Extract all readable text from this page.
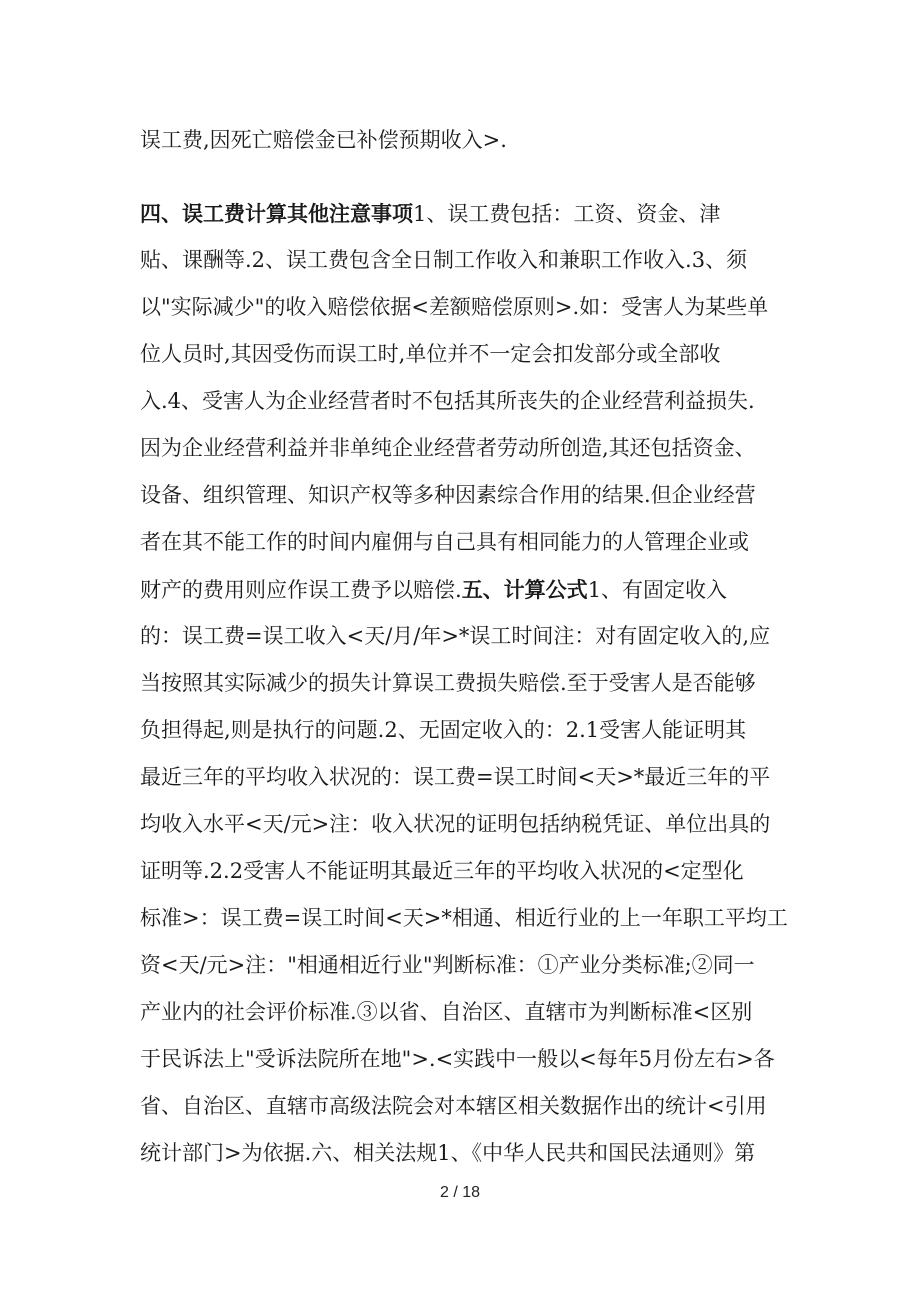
误工费,因死亡赔偿金已补偿预期收入>.
四、误工费计算其他注意事项1、误工费包括：工资、资金、津
贴、课酬等.2、误工费包含全日制工作收入和兼职工作收入.3、须
以"实际减少"的收入赔偿依据<差额赔偿原则>.如：受害人为某些单
位人员时,其因受伤而误工时,单位并不一定会扣发部分或全部收
入.4、受害人为企业经营者时不包括其所丧失的企业经营利益损失.
因为企业经营利益并非单纯企业经营者劳动所创造,其还包括资金、
设备、组织管理、知识产权等多种因素综合作用的结果.但企业经营
者在其不能工作的时间内雇佣与自己具有相同能力的人管理企业或
财产的费用则应作误工费予以赔偿.五、计算公式1、有固定收入
的：误工费=误工收入<天/月/年>*误工时间注：对有固定收入的,应
当按照其实际减少的损失计算误工费损失赔偿.至于受害人是否能够
负担得起,则是执行的问题.2、无固定收入的：2.1受害人能证明其
最近三年的平均收入状况的：误工费=误工时间<天>*最近三年的平
均收入水平<天/元>注：收入状况的证明包括纳税凭证、单位出具的
证明等.2.2受害人不能证明其最近三年的平均收入状况的<定型化
标准>：误工费=误工时间<天>*相通、相近行业的上一年职工平均工
资<天/元>注："相通相近行业"判断标准：①产业分类标准;②同一
产业内的社会评价标准.③以省、自治区、直辖市为判断标准<区别
于民诉法上"受诉法院所在地">.<实践中一般以<每年5月份左右>各
省、自治区、直辖市高级法院会对本辖区相关数据作出的统计<引用
统计部门>为依据.六、相关法规1、《中华人民共和国民法通则》第
2 / 18
